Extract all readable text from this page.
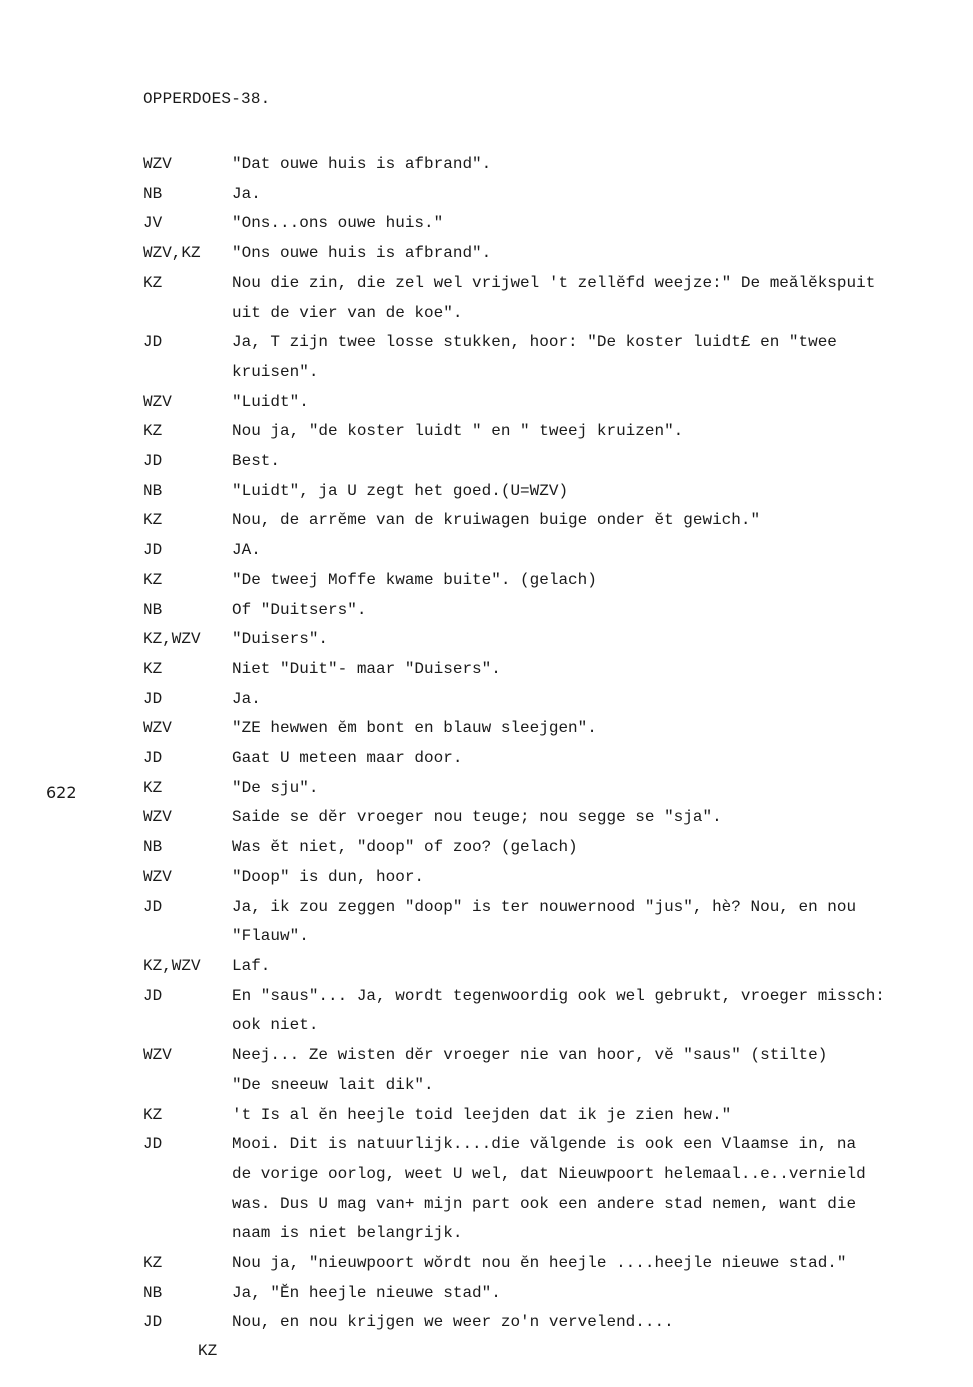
OPPERDOES-38.
622
WZV	"Dat ouwe huis is afbrand".
NB	Ja.
JV	"Ons...ons ouwe huis."
WZV,KZ	"Ons ouwe huis is afbrand".
KZ	Nou die zin, die zel wel vrijwel 't zellĕfd weejze:" De meălĕkspuit
uit de vier van de koe".
JD	Ja, T zijn twee losse stukken, hoor: "De koster luidt£ en "twee
kruisen".
WZV	"Luidt".
KZ	Nou ja, "de koster luidt " en " tweej kruizen".
JD	Best.
NB	"Luidt", ja U zegt het goed.(U=WZV)
KZ	Nou, de arrĕme van de kruiwagen buige onder ĕt gewich."
JD	JA.
KZ	"De tweej Moffe kwame buite". (gelach)
NB	Of "Duitsers".
KZ,WZV	"Duisers".
KZ	Niet "Duit"- maar "Duisers".
JD	Ja.
WZV	"ZE hewwen ĕm bont en blauw sleejgen".
JD	Gaat U meteen maar door.
KZ	"De sju".
WZV	Saide se dĕr vroeger nou teuge; nou segge se "sja".
NB	Was ĕt niet, "doop" of zoo? (gelach)
WZV	"Doop" is dun, hoor.
JD	Ja, ik zou zeggen "doop" is ter nouwernood "jus", hè? Nou, en nou
"Flauw".
KZ,WZV	Laf.
JD	En "saus"... Ja, wordt tegenwoordig ook wel gebrukt, vroeger missch:
ook niet.
WZV	Neej... Ze wisten dĕr vroeger nie van hoor, vĕ "saus" (stilte)
"De sneeuw lait dik".
KZ	't Is al ĕn heejle toid leejden dat ik je zien hew."
JD	Mooi. Dit is natuurlijk....die vălgende is ook een Vlaamse in, na
de vorige oorlog, weet U wel, dat Nieuwpoort helemaal..e..vernield
was. Dus U mag van+ mijn part ook een andere stad nemen, want die
naam is niet belangrijk.
KZ	Nou ja, "nieuwpoort wŏrdt nou ĕn heejle ....heejle nieuwe stad."
NB	Ja, "Ĕn heejle nieuwe stad".
JD	Nou, en nou krijgen we weer zo'n vervelend....
KZ
